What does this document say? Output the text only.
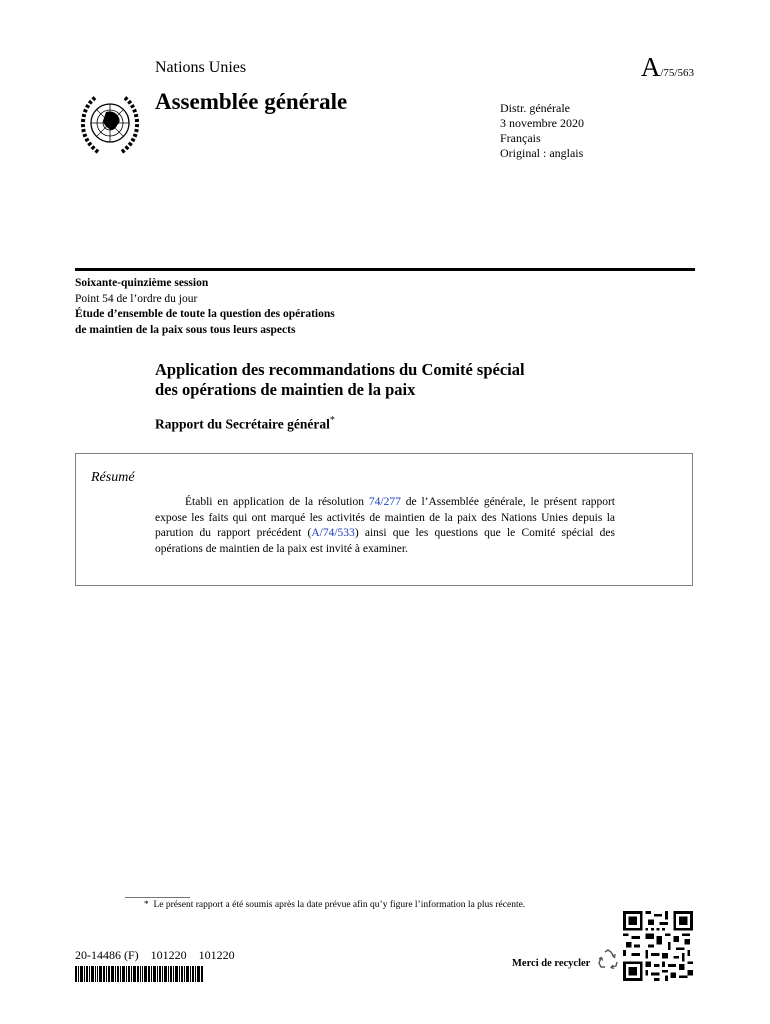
Nations Unies	A/75/563
Assemblée générale	Distr. générale
3 novembre 2020
Français
Original : anglais
Soixante-quinzième session
Point 54 de l’ordre du jour
Étude d’ensemble de toute la question des opérations
de maintien de la paix sous tous leurs aspects
Application des recommandations du Comité spécial
des opérations de maintien de la paix
Rapport du Secrétaire général*
Résumé
Établi en application de la résolution 74/277 de l’Assemblée générale, le présent rapport expose les faits qui ont marqué les activités de maintien de la paix des Nations Unies depuis la parution du rapport précédent (A/74/533) ainsi que les questions que le Comité spécial des opérations de maintien de la paix est invité à examiner.
________________
* Le présent rapport a été soumis après la date prévue afin qu’y figure l’information la plus récente.
20-14486 (F)    101220    101220
Merci de recycler
